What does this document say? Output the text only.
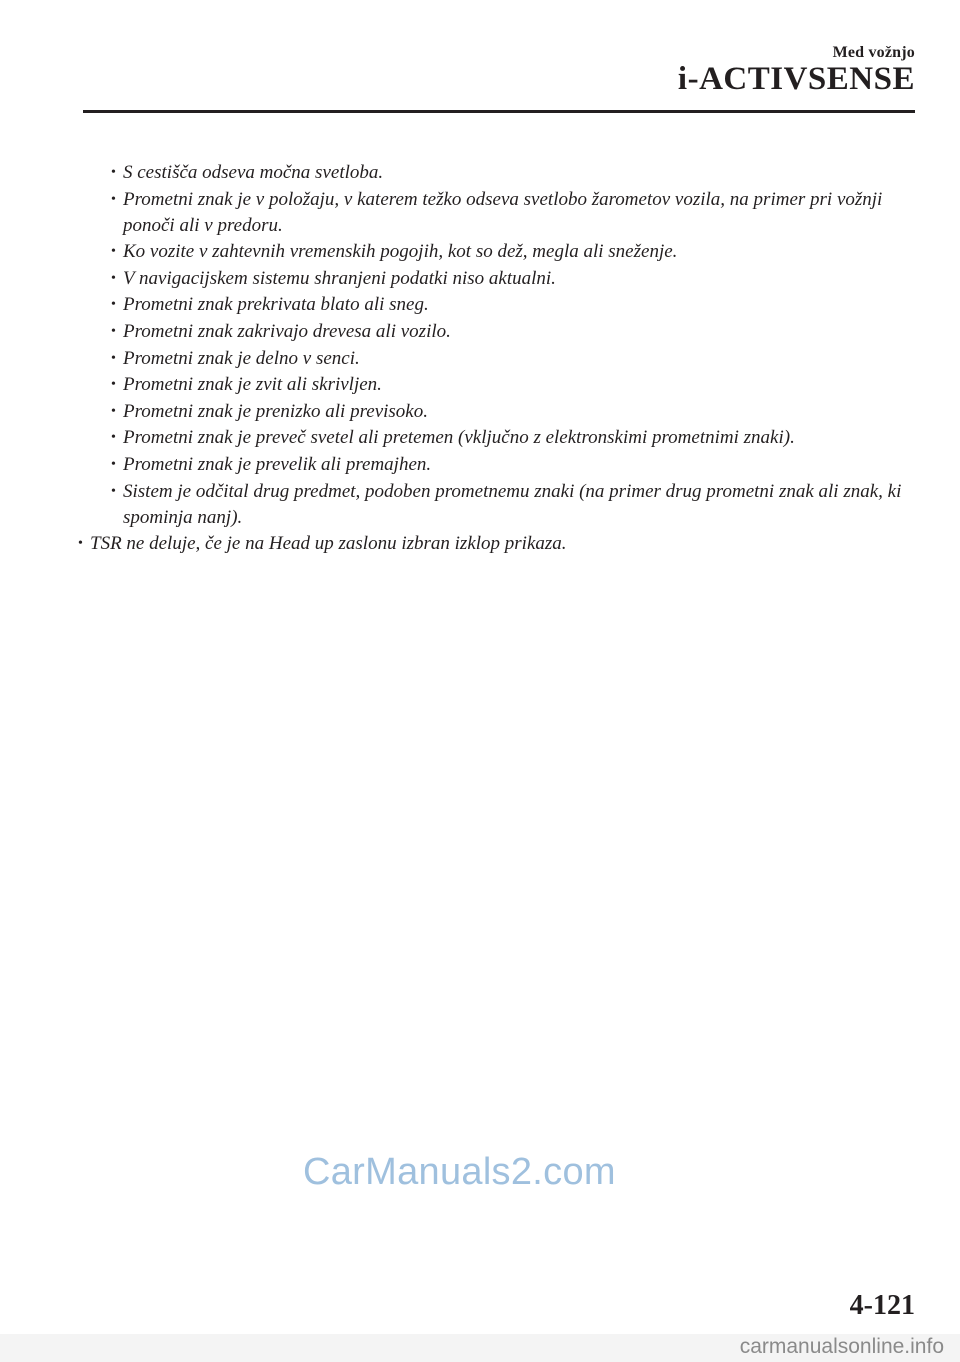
Med vožnjo
i-ACTIVSENSE
• S cestišča odseva močna svetloba.
• Prometni znak je v položaju, v katerem težko odseva svetlobo žarometov vozila, na primer pri vožnji ponoči ali v predoru.
• Ko vozite v zahtevnih vremenskih pogojih, kot so dež, megla ali sneženje.
• V navigacijskem sistemu shranjeni podatki niso aktualni.
• Prometni znak prekrivata blato ali sneg.
• Prometni znak zakrivajo drevesa ali vozilo.
• Prometni znak je delno v senci.
• Prometni znak je zvit ali skrivljen.
• Prometni znak je prenizko ali previsoko.
• Prometni znak je preveč svetel ali pretemen (vključno z elektronskimi prometnimi znaki).
• Prometni znak je prevelik ali premajhen.
• Sistem je odčital drug predmet, podoben prometnemu znaki (na primer drug prometni znak ali znak, ki spominja nanj).
• TSR ne deluje, če je na Head up zaslonu izbran izklop prikaza.
CarManuals2.com
4-121
carmanualsonline.info
